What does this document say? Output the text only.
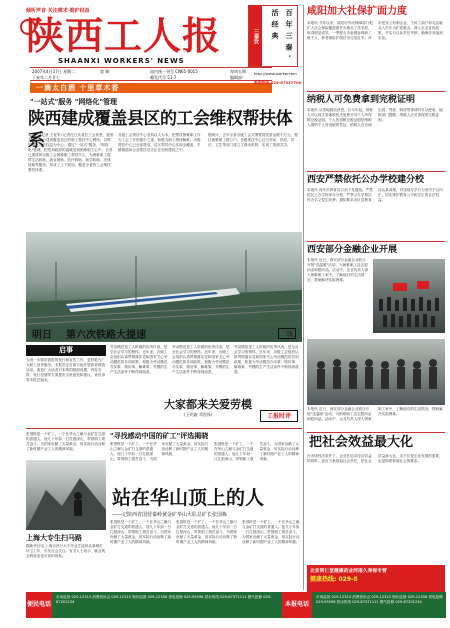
倾听声音 关注需求 维护权益
陕西工人报
SHAANXI WORKERS' NEWS
2007年4月17日 星期二
丁亥年二月廿七
第 期	国内统一刊号 CN61-0015
邮发代号 51-7
每周五期
编辑部:
一滴太白酒 十里草木香
三秦饮	百 年 三 秦 · 活 经 典
http://www.workercom
新闻热线:029-87337700
咸阳加大社保扩面力度
本报讯 今年以来，咸阳市劳动保障部门把扩大社会保险覆盖面作为重点工作来抓，取得明显成效。一季度全市新增参保职工数千人，养老保险扩面任务完成过半。该市把非公有制企业、个体工商户和灵活就业人员作为扩面重点，深入企业宣传政策，并实行目标责任考核，确保任务落到实处。
纳税人可免费拿到完税证明
本报讯 从省地税局获悉，自今年起，纳税人可以到主管地税机关免费开具个人所得税完税证明。个人所得税完税证明是纳税人缴纳个人所得税的凭证，纳税人在办理出国、贷款、购房等事项时可以使用。地税部门提醒，纳税人应妥善保管完税证明。
西安严禁依托公办学校建分校
本报讯 西安市教育局日前下发通知，严禁依托公办学校举办分校，严禁公办学校以民办名义招生收费。通知要求各区县教育局认真清理，对违规办学行为坚决予以纠正，切实维护教育公平和学生的合法权益。
西安部分金融企业开展
本报讯 近日，西安部分金融企业联合开展"送温暖"活动，为困难职工送去慰问金和慰问品。活动中，企业负责人深入困难职工家中，了解他们的生活情况，帮助解决实际困难。
本报讯 近日，西安部分金融企业联合开展"送温暖"活动，为困难职工送去慰问金和慰问品。活动中，企业负责人深入困难职工家中，了解他们的生活情况，帮助解决实际困难。
把社会效益最大化
在市场经济条件下，企业在追求经济效益的同时，更应当承担起社会责任，把社会效益最大化。这不仅是企业发展的需要，也是构建和谐社会的要求。
北京同仁堂健康药业河南久寿保专营
健康热线: 029-8
"一站式"服务 "网络化"管理
陕西建成覆盖县区的工会维权帮扶体系
本报讯 (记者 王亚军) 记者近日从省总工会获悉，我省各级工会已建成覆盖县区的职工帮扶中心网络，以维护职工合法权益为中心，通过"一站式"服务、"网络化"管理，把党和政府的温暖送到困难职工心中。全省已建成的各级工会困难职工帮扶中心，为困难职工提供生活救助、就业援助、医疗救助、助学救助、法律援助等服务，形成了上下联动、覆盖全省的工会维权帮扶体系。
各级工会帮扶中心坚持以人为本，把帮扶困难职工作为工会工作的重中之重，积极为职工排忧解难。市级帮扶中心已全部建成，县区帮扶中心实现全覆盖，乡镇街道和企业帮扶站点正在加快建设之中。
据统计，去年全省各级工会共筹集帮扶资金数千万元，帮扶困难职工数万户。各级帮扶中心还与劳动、民政、司法、卫生等部门建立了联动机制，实现了资源共享。
明日 第六次铁路大提速	二版
启事
为进一步做好我报的发行和宣传工作，更好地为广大职工读者服务，本报决定自即日起开展读者调查活动。欢迎广大读者对本报的版面设置、内容安排、发行投递等方面提出宝贵意见和建议。来信请寄本报总编室。
劳动模范是工人阶级的优秀代表，是全社会学习的榜样。近年来，各级工会组织认真贯彻落实党和国家关心劳动模范的各项政策，积极为劳动模范办实事、做好事、解难事，劳模的生产生活条件不断得到改善。
劳动模范是工人阶级的优秀代表，是全社会学习的榜样。近年来，各级工会组织认真贯彻落实党和国家关心劳动模范的各项政策，积极为劳动模范办实事、做好事、解难事，劳模的生产生活条件不断得到改善。
劳动模范是工人阶级的优秀代表，是全社会学习的榜样。近年来，各级工会组织认真贯彻落实党和国家关心劳动模范的各项政策，积极为劳动模范办实事、做好事、解难事，劳模的生产生活条件不断得到改善。
大家都来关爱劳模
(王明鑫 邓凯锋)	工报时评
"寻找感动中国的矿工"评选揭晓
张国栋是一个矿工，一个在华山之巅与金矿打交道的普通人。他几十年如一日扎根深山，带领职工艰苦奋斗，为国家贡献了大量黄金，用实际行动诠释了新时期产业工人的精神风貌。
张国栋是一个矿工，一个在华山之巅与金矿打交道的普通人。他几十年如一日扎根深山，带领职工艰苦奋斗，为国家贡献了大量黄金，用实际行动诠释了新时期产业工人的精神风貌。
张国栋是一个矿工，一个在华山之巅与金矿打交道的普通人。他几十年如一日扎根深山，带领职工艰苦奋斗，为国家贡献了大量黄金，用实际行动诠释了新时期产业工人的精神风貌。
站在华山顶上的人
——记陕西省国营秦岭黄金矿华山大队总矿长张国栋
张国栋是一个矿工，一个在华山之巅与金矿打交道的普通人。他几十年如一日扎根深山，带领职工艰苦奋斗，为国家贡献了大量黄金，用实际行动诠释了新时期产业工人的精神风貌。
张国栋是一个矿工，一个在华山之巅与金矿打交道的普通人。他几十年如一日扎根深山，带领职工艰苦奋斗，为国家贡献了大量黄金，用实际行动诠释了新时期产业工人的精神风貌。
张国栋是一个矿工，一个在华山之巅与金矿打交道的普通人。他几十年如一日扎根深山，带领职工艰苦奋斗，为国家贡献了大量黄金，用实际行动诠释了新时期产业工人的精神风貌。
上海大专生扫马路
据新华社电 上海市部分大专毕业生选择从事城市环卫工作，引发社会关注。有关人士表示，就业观念的转变是可喜的现象。
便民电话
市场监督 029-12315 消费者协会 029-12315 物价监督 029-12358 供电抢修 029-95598 供水热线 029-87371111 燃气抢修 029-87201234	本报电话
市场监督 029-12315 消费者协会 029-12315 物价监督 029-12358 供电抢修 029-95598 供水热线 029-87371111 燃气抢修 029-87201234
